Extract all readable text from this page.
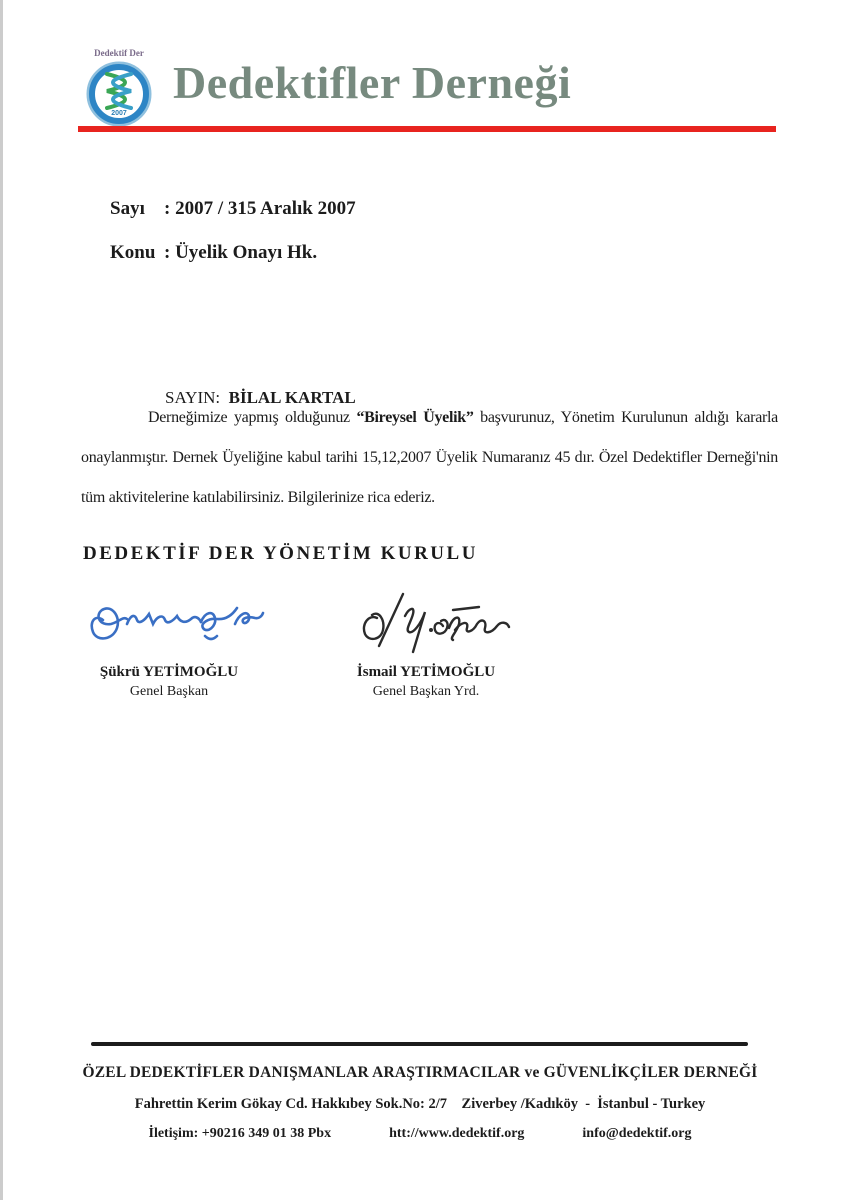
Dedektif Der
2007
Dedektifler Derneği

Sayı : 2007 / 315 Aralık 2007

Konu : Üyelik Onayı Hk.

SAYIN:  BİLAL KARTAL

Derneğimize yapmış olduğunuz “Bireysel Üyelik” başvurunuz, Yönetim Kurulunun aldığı kararla onaylanmıştır. Dernek Üyeliğine kabul tarihi 15,12,2007 Üyelik Numaranız 45 dır. Özel Dedektifler Derneği'nin tüm aktivitelerine katılabilirsiniz. Bilgilerinize rica ederiz.

DEDEKTİF DER YÖNETİM KURULU
Şükrü YETİMOĞLU
Genel Başkan
İsmail YETİMOĞLU
Genel Başkan Yrd.
ÖZEL DEDEKTİFLER DANIŞMANLAR ARAŞTIRMACILAR ve GÜVENLİKÇİLER DERNEĞİ
Fahrettin Kerim Gökay Cd. Hakkıbey Sok.No: 2/7    Ziverbey /Kadıköy  -  İstanbul - Turkey
İletişim: +90216 349 01 38 Pbx	htt://www.dedektif.org	info@dedektif.org
